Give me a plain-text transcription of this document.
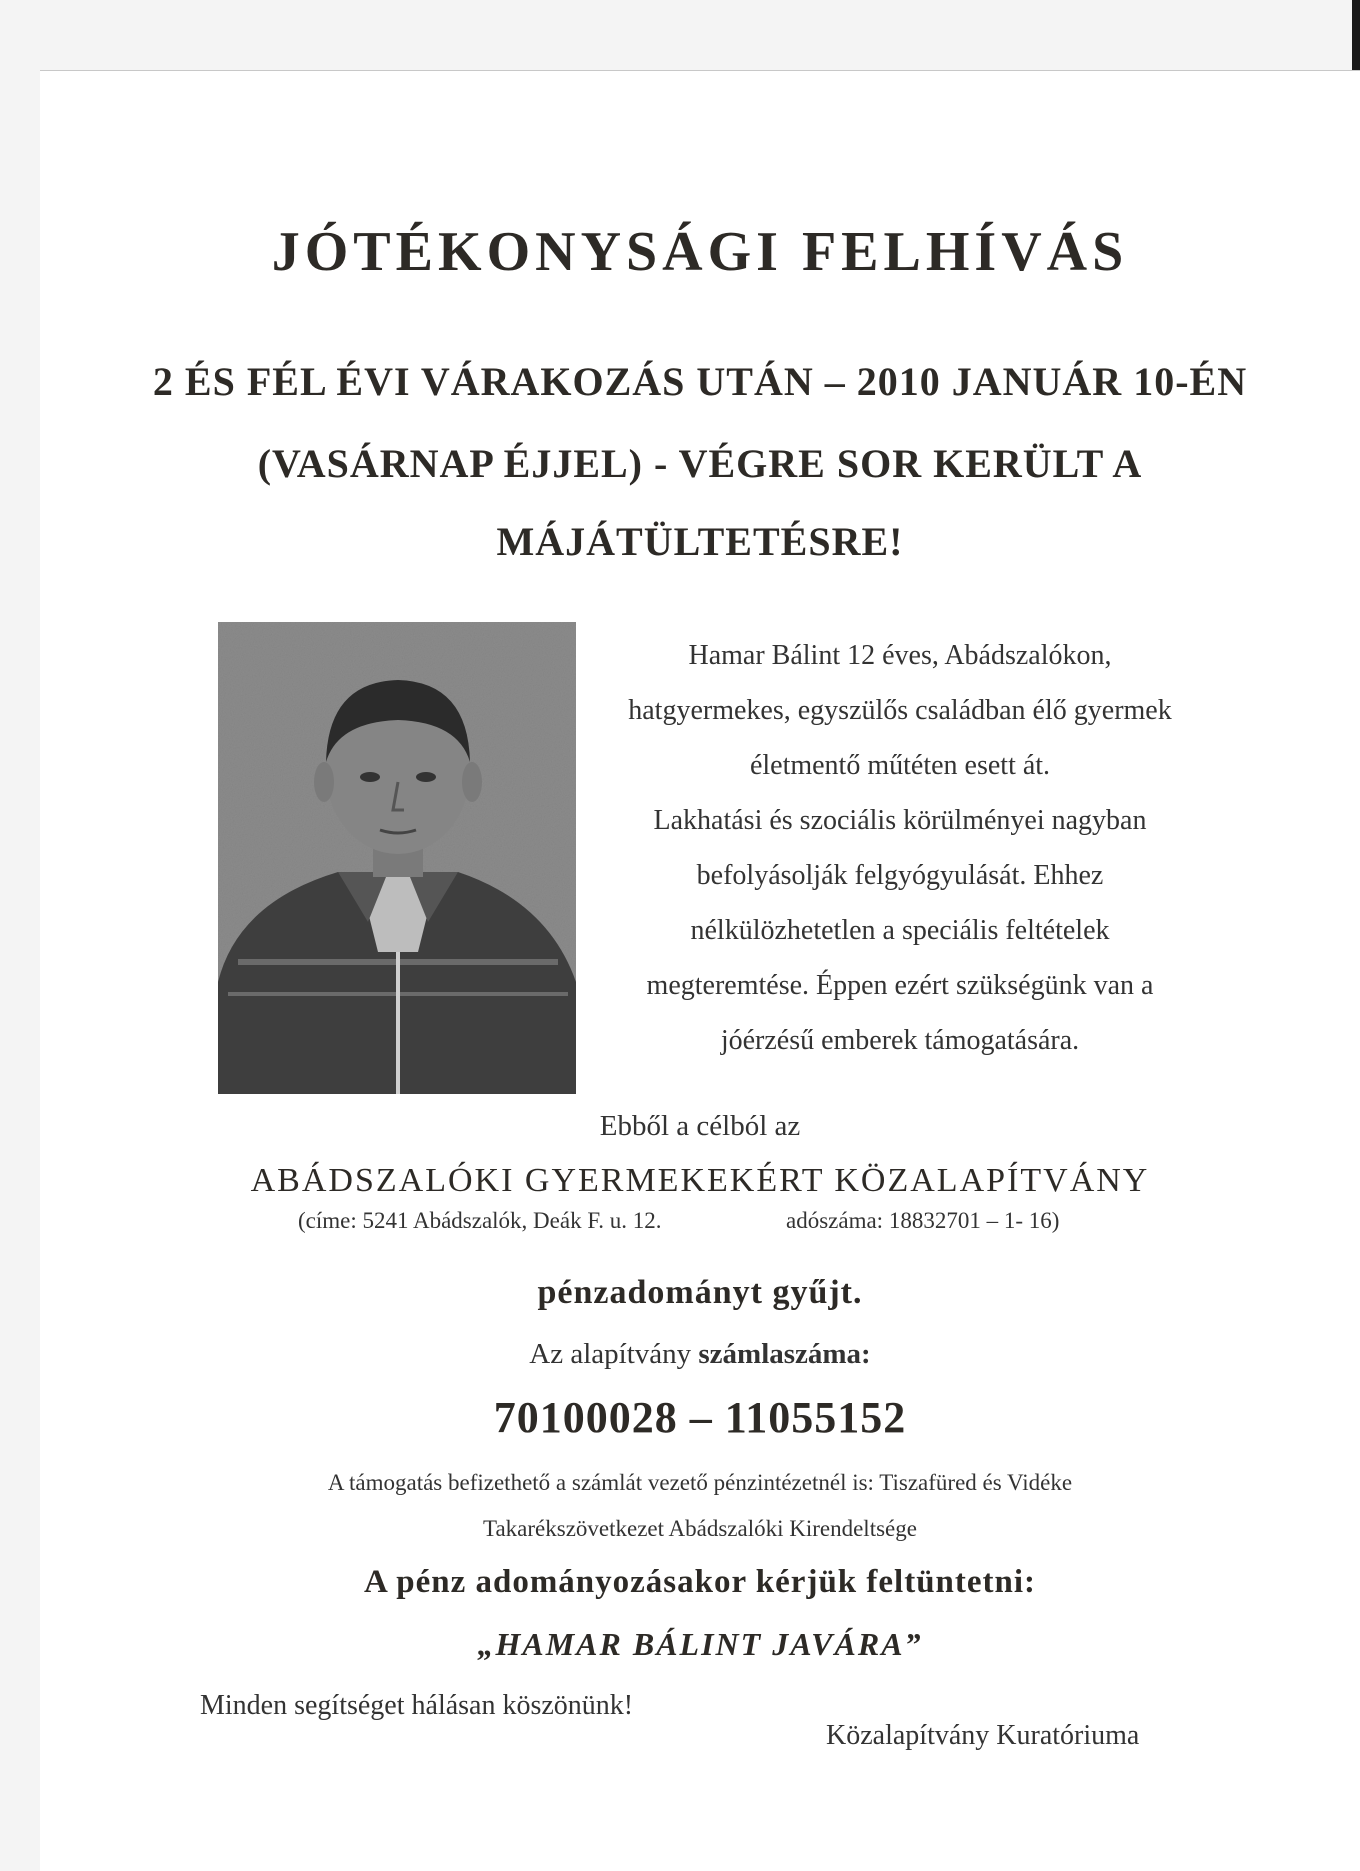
JÓTÉKONYSÁGI FELHÍVÁS
2 ÉS FÉL ÉVI VÁRAKOZÁS UTÁN – 2010 JANUÁR 10-ÉN
(VASÁRNAP ÉJJEL) - VÉGRE SOR KERÜLT A
MÁJÁTÜLTETÉSRE!
Hamar Bálint 12 éves, Abádszalókon,
hatgyermekes, egyszülős családban élő gyermek
életmentő műtéten esett át.
Lakhatási és szociális körülményei nagyban
befolyásolják felgyógyulását. Ehhez
nélkülözhetetlen a speciális feltételek
megteremtése. Éppen ezért szükségünk van a
jóérzésű emberek támogatására.
Ebből a célból az
ABÁDSZALÓKI GYERMEKEKÉRT KÖZALAPÍTVÁNY
(címe: 5241 Abádszalók, Deák F. u. 12.	adószáma: 18832701 – 1- 16)
pénzadományt gyűjt.
Az alapítvány számlaszáma:
70100028 – 11055152
A támogatás befizethető a számlát vezető pénzintézetnél is: Tiszafüred és Vidéke
Takarékszövetkezet Abádszalóki Kirendeltsége
A pénz adományozásakor kérjük feltüntetni:
„HAMAR BÁLINT JAVÁRA”
Minden segítséget hálásan köszönünk!
Közalapítvány Kuratóriuma
